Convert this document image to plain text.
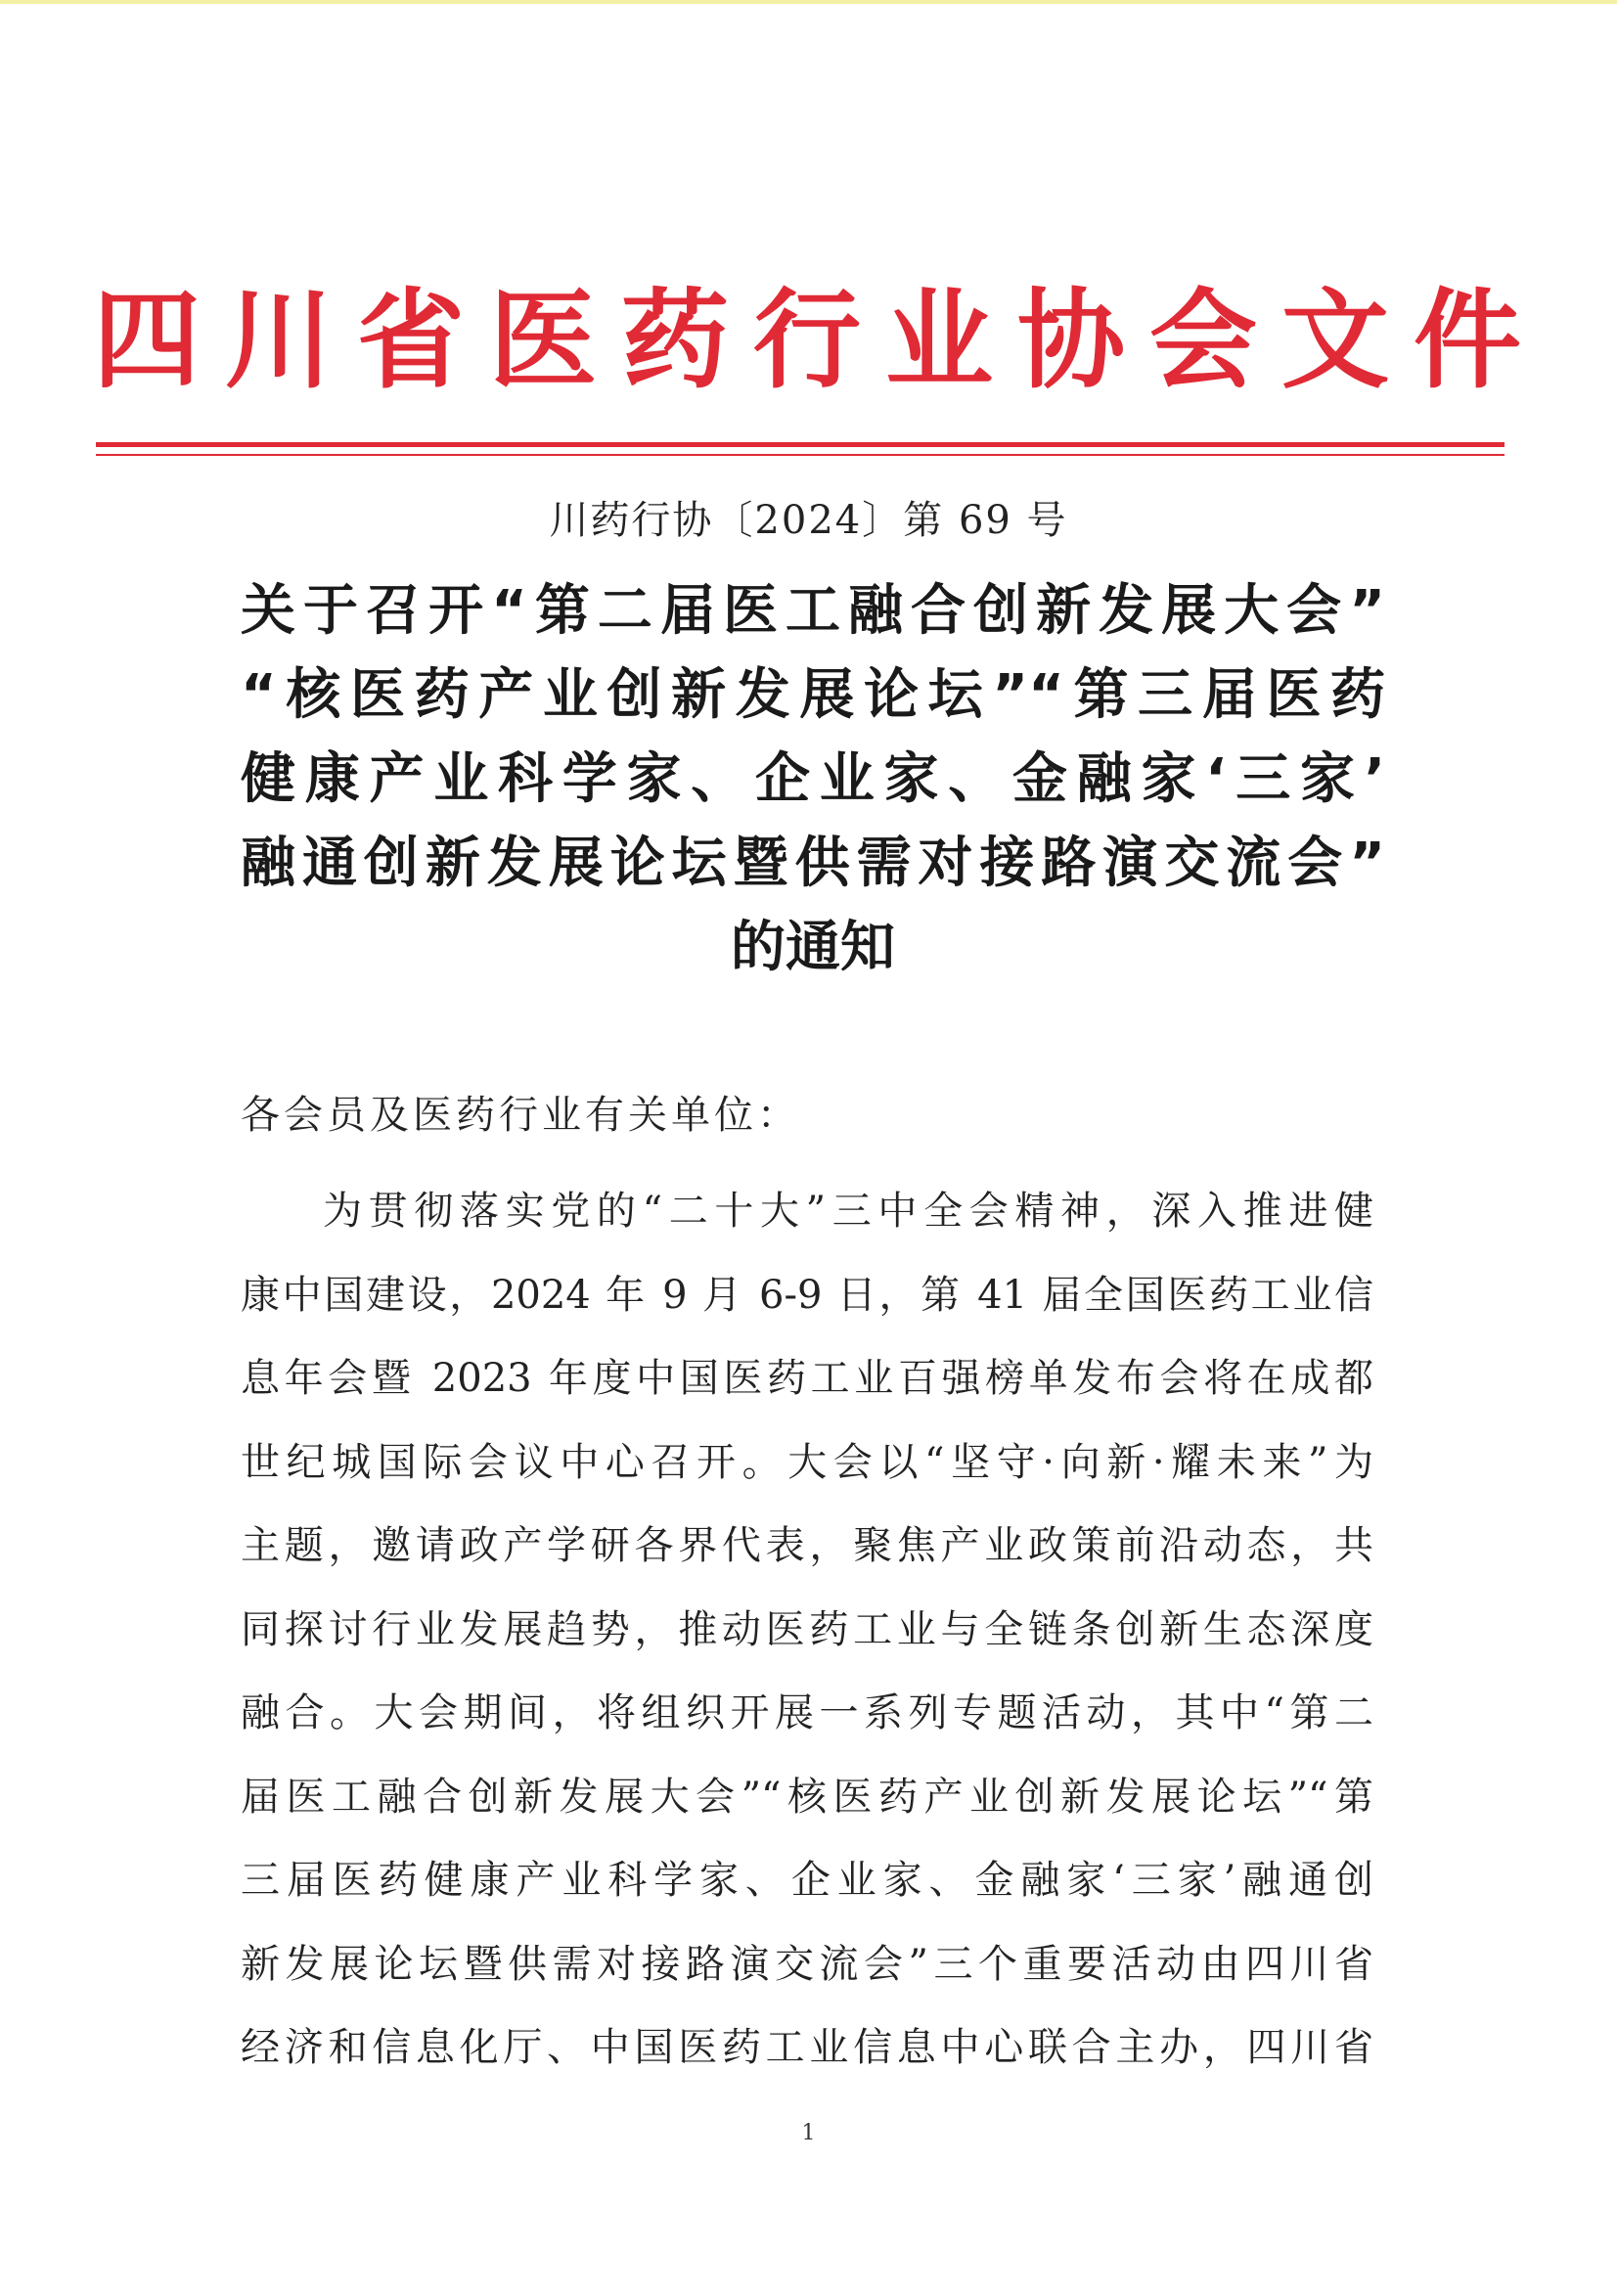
四 川 省 医 药 行 业 协 会 文 件
川药行协〔2024〕第 69 号
关于召开“第二届医工融合创新发展大会”
“核医药产业创新发展论坛”“第三届医药
健康产业科学家、企业家、金融家‘三家’
融通创新发展论坛暨供需对接路演交流会”
的通知
各会员及医药行业有关单位：
为贯彻落实党的“二十大”三中全会精神，深入推进健
康中国建设，2024 年 9 月 6-9 日，第 41 届全国医药工业信
息年会暨 2023 年度中国医药工业百强榜单发布会将在成都
世纪城国际会议中心召开。大会以“坚守·向新·耀未来”为
主题，邀请政产学研各界代表，聚焦产业政策前沿动态，共
同探讨行业发展趋势，推动医药工业与全链条创新生态深度
融合。大会期间，将组织开展一系列专题活动，其中“第二
届医工融合创新发展大会”“核医药产业创新发展论坛”“第
三届医药健康产业科学家、企业家、金融家‘三家’融通创
新发展论坛暨供需对接路演交流会”三个重要活动由四川省
经济和信息化厅、中国医药工业信息中心联合主办，四川省
1
